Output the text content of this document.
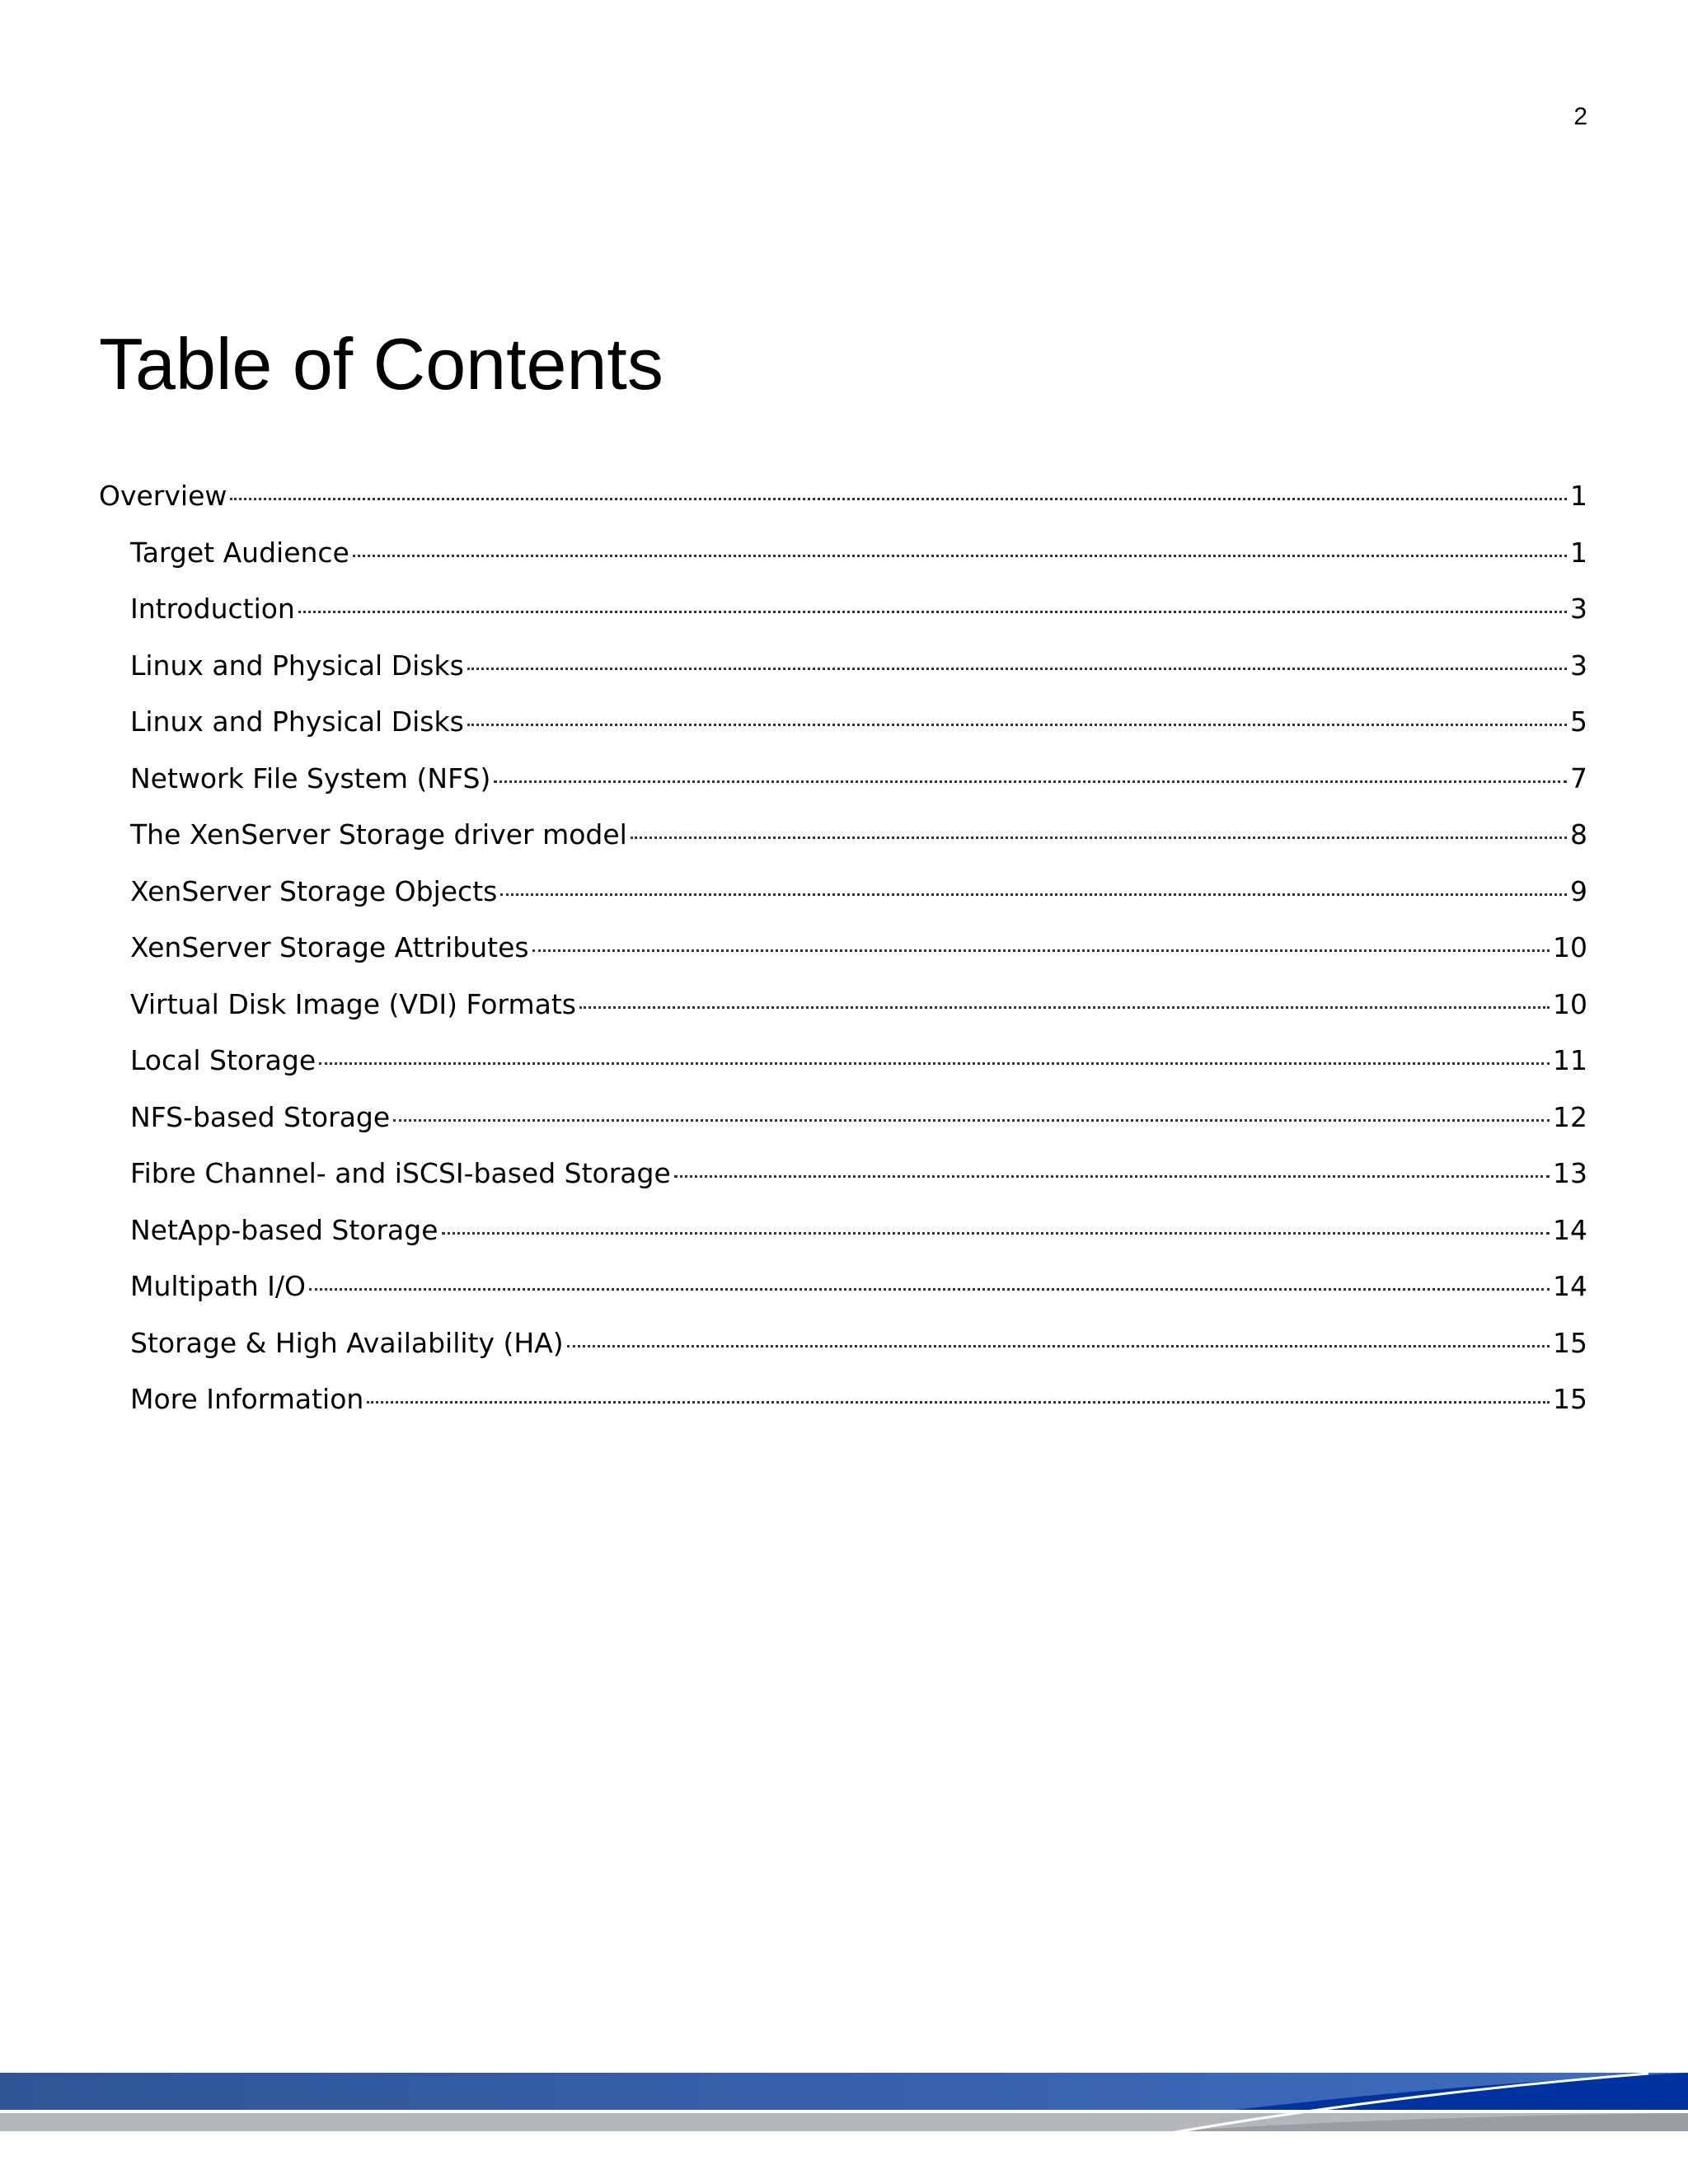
2
Table of Contents
Overview	1
Target Audience	1
Introduction	3
Linux and Physical Disks	3
Linux and Physical Disks	5
Network File System (NFS)	7
The XenServer Storage driver model	8
XenServer Storage Objects	9
XenServer Storage Attributes	10
Virtual Disk Image (VDI) Formats	10
Local Storage	11
NFS-based Storage	12
Fibre Channel- and iSCSI-based Storage	13
NetApp-based Storage	14
Multipath I/O	14
Storage & High Availability (HA)	15
More Information	15
